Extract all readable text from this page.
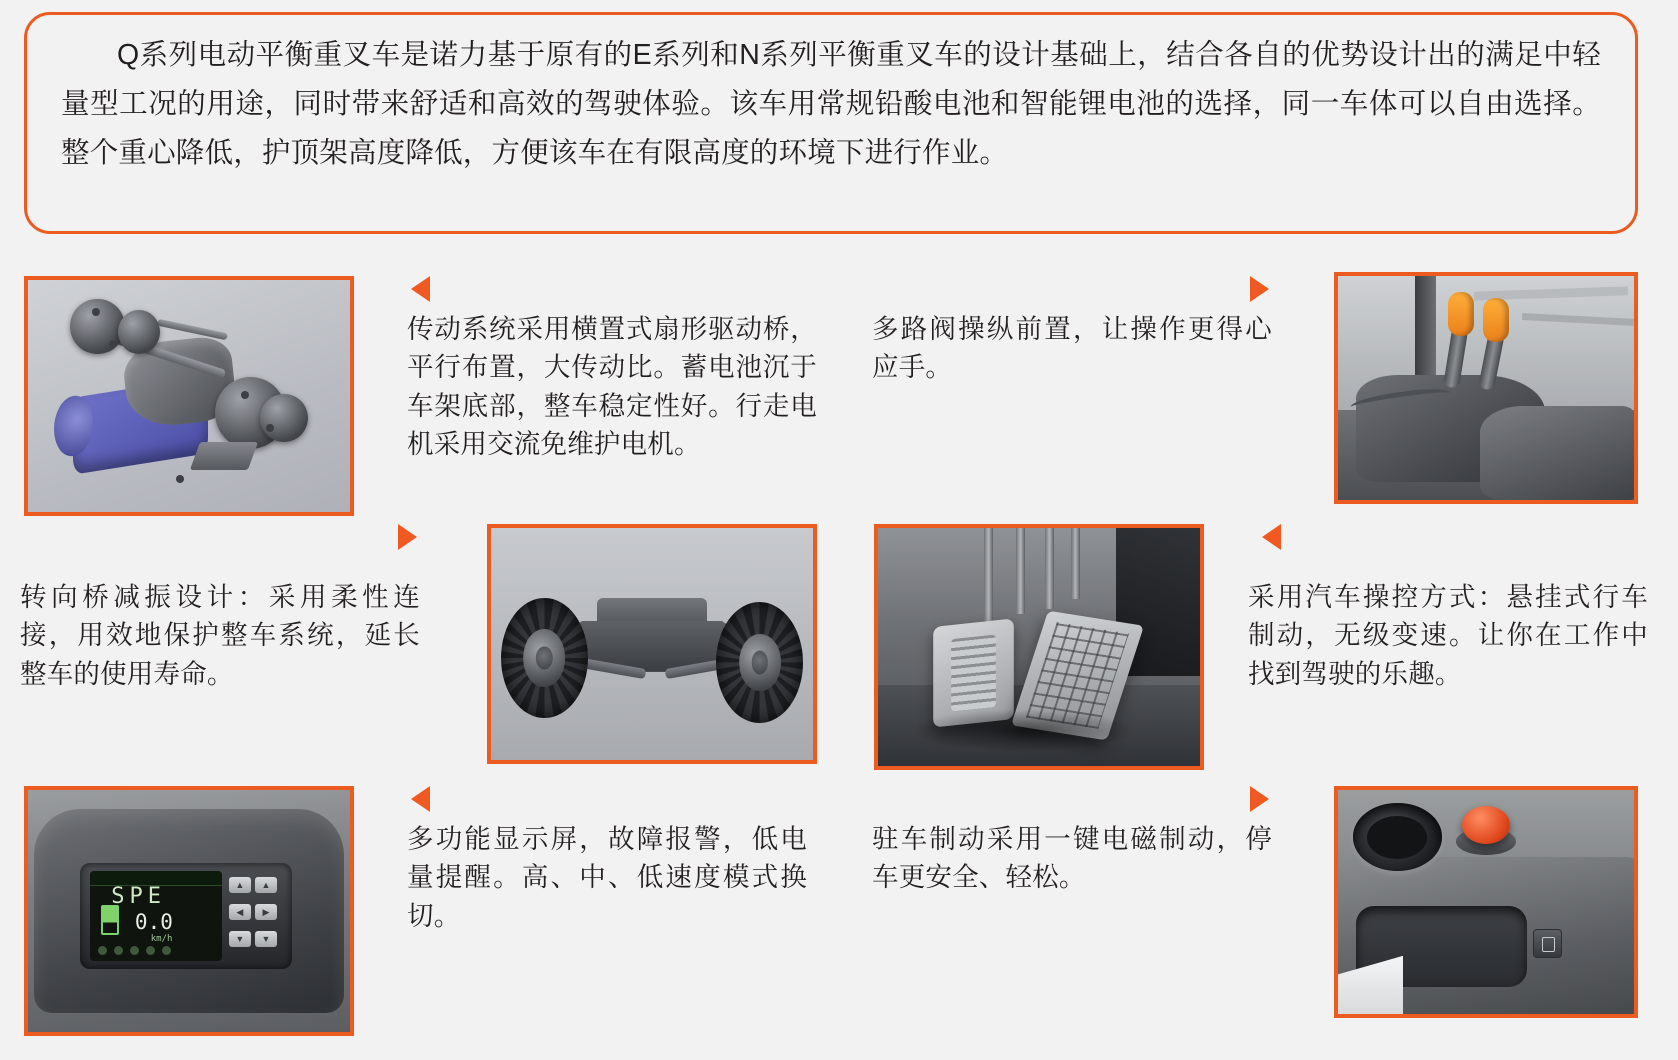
Q系列电动平衡重叉车是诺力基于原有的E系列和N系列平衡重叉车的设计基础上，结合各自的优势设计出的满足中轻量型工况的用途，同时带来舒适和高效的驾驶体验。该车用常规铅酸电池和智能锂电池的选择，同一车体可以自由选择。整个重心降低，护顶架高度降低，方便该车在有限高度的环境下进行作业。
传动系统采用横置式扇形驱动桥，平行布置，大传动比。蓄电池沉于车架底部，整车稳定性好。行走电机采用交流免维护电机。
多路阀操纵前置，让操作更得心应手。
转向桥减振设计：采用柔性连接，用效地保护整车系统，延长整车的使用寿命。
采用汽车操控方式：悬挂式行车制动，无级变速。让你在工作中找到驾驶的乐趣。
SPE
0.0
km/h
▲	▲
◀	▶
▼	▼
多功能显示屏，故障报警，低电量提醒。高、中、低速度模式换切。
驻车制动采用一键电磁制动，停车更安全、轻松。
